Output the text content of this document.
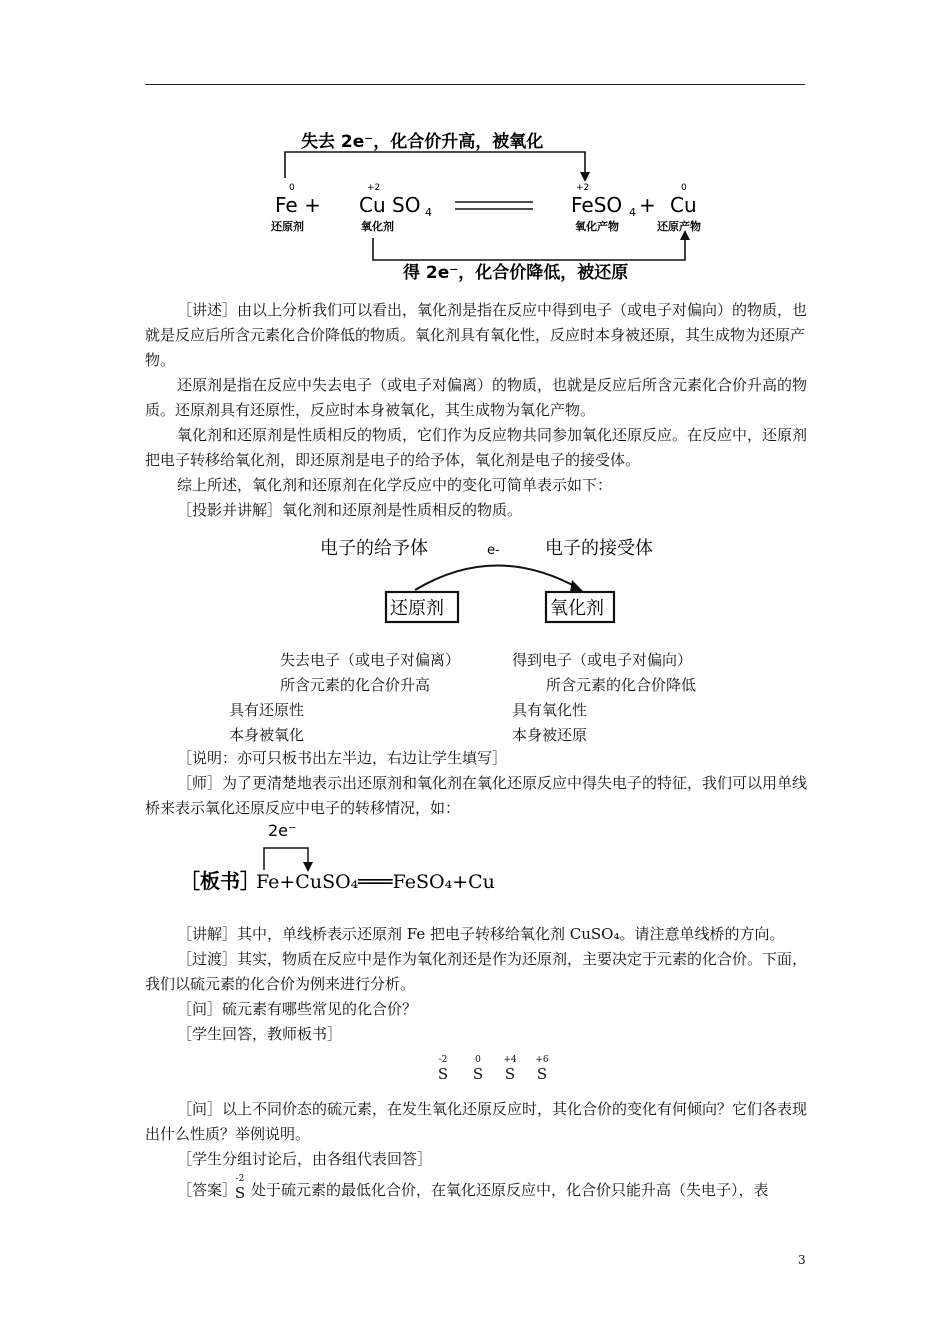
失去 2e⁻，化合价升高，被氧化
得 2e⁻，化合价降低，被还原
0
Fe +
+2
Cu SO 4
+2
FeSO 4 +
0
Cu
还原剂	氧化剂	氧化产物	还原产物
［讲述］由以上分析我们可以看出，氧化剂是指在反应中得到电子（或电子对偏向）的物质，也就是反应后所含元素化合价降低的物质。氧化剂具有氧化性，反应时本身被还原，其生成物为还原产物。
还原剂是指在反应中失去电子（或电子对偏离）的物质，也就是反应后所含元素化合价升高的物质。还原剂具有还原性，反应时本身被氧化，其生成物为氧化产物。
氧化剂和还原剂是性质相反的物质，它们作为反应物共同参加氧化还原反应。在反应中，还原剂把电子转移给氧化剂，即还原剂是电子的给予体，氧化剂是电子的接受体。
综上所述，氧化剂和还原剂在化学反应中的变化可简单表示如下：
［投影并讲解］氧化剂和还原剂是性质相反的物质。
电子的给予体	e-	电子的接受体
还原剂	氧化剂
失去电子（或电子对偏离）	得到电子（或电子对偏向）
所含元素的化合价升高	所含元素的化合价降低
具有还原性	具有氧化性
本身被氧化	本身被还原
［说明：亦可只板书出左半边，右边让学生填写］
［师］为了更清楚地表示出还原剂和氧化剂在氧化还原反应中得失电子的特征，我们可以用单线桥来表示氧化还原反应中电子的转移情况，如：
2e⁻
［板书］
Fe+CuSO₄═══FeSO₄+Cu
［讲解］其中，单线桥表示还原剂 Fe 把电子转移给氧化剂 CuSO₄。请注意单线桥的方向。
［过渡］其实，物质在反应中是作为氧化剂还是作为还原剂，主要决定于元素的化合价。下面，我们以硫元素的化合价为例来进行分析。
［问］硫元素有哪些常见的化合价？
［学生回答，教师板书］
-2
S
0
S
+4
S
+6
S
［问］以上不同价态的硫元素，在发生氧化还原反应时，其化合价的变化有何倾向？它们各表现出什么性质？举例说明。
［学生分组讨论后，由各组代表回答］
［答案］
-2
S 处于硫元素的最低化合价，在氧化还原反应中，化合价只能升高（失电子），表
3
